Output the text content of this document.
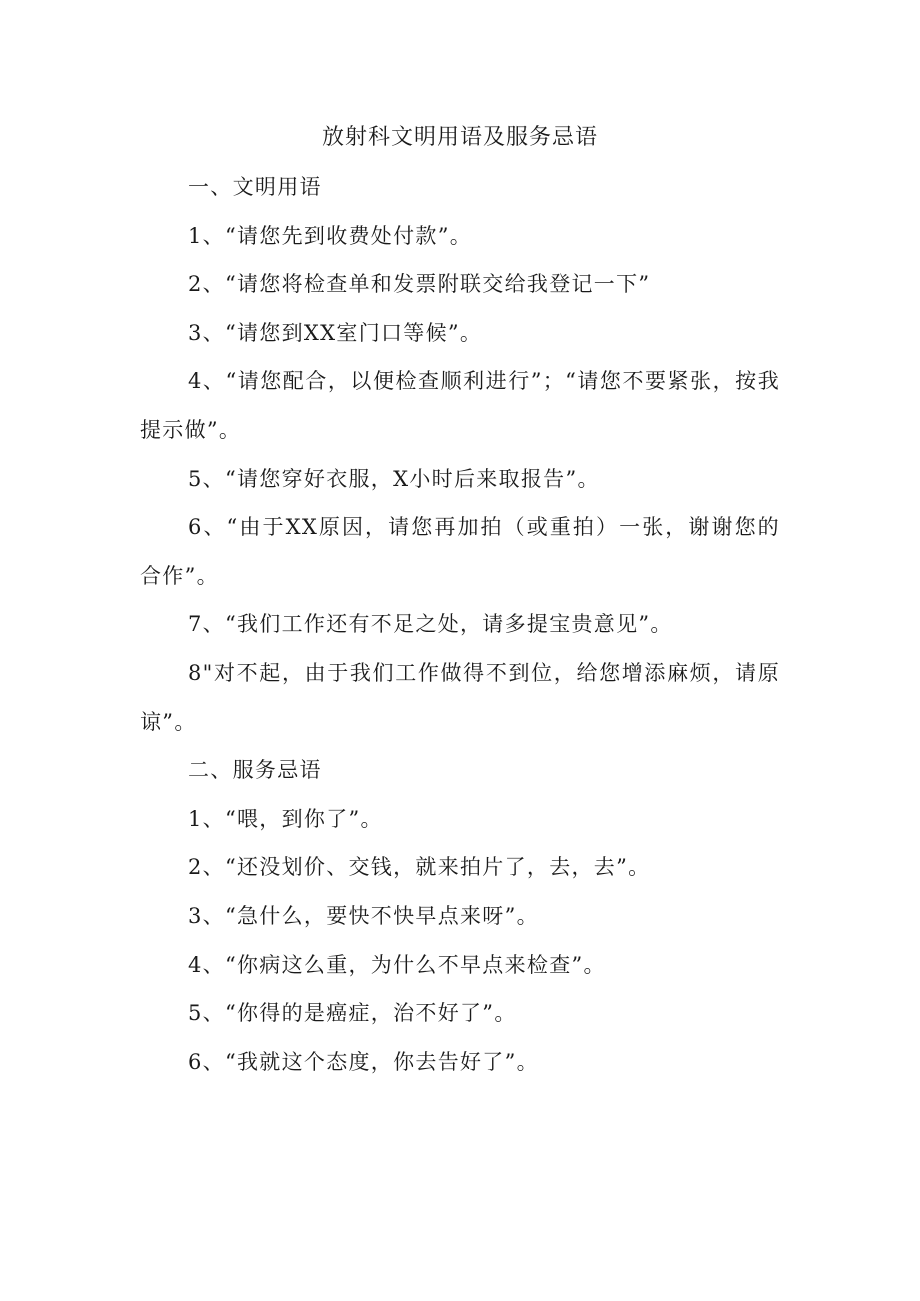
放射科文明用语及服务忌语

一、文明用语

1、“请您先到收费处付款”。

2、“请您将检查单和发票附联交给我登记一下”

3、“请您到XX室门口等候”。

4、“请您配合，以便检查顺利进行”；“请您不要紧张，按我提示做”。

5、“请您穿好衣服，X小时后来取报告”。

6、“由于XX原因，请您再加拍（或重拍）一张，谢谢您的合作”。

7、“我们工作还有不足之处，请多提宝贵意见”。

8"对不起，由于我们工作做得不到位，给您增添麻烦，请原谅”。

二、服务忌语

1、“喂，到你了”。

2、“还没划价、交钱，就来拍片了，去，去”。

3、“急什么，要快不快早点来呀”。

4、“你病这么重，为什么不早点来检查”。

5、“你得的是癌症，治不好了”。

6、“我就这个态度，你去告好了”。
